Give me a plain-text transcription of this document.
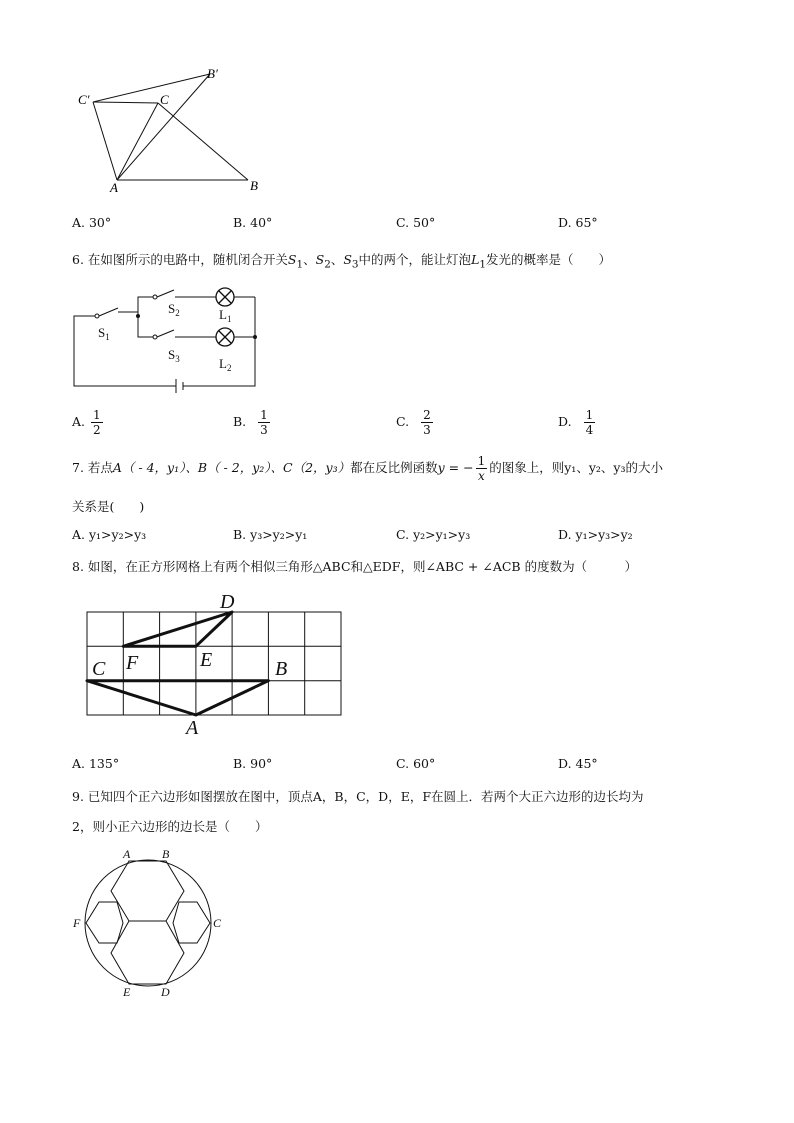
C′	C
B′
A	B
A. 30°	B. 40°	C. 50°	D. 65°
6. 在如图所示的电路中，随机闭合开关$S_1$、$S_2$、$S_3$中的两个，能让灯泡$L_1$发光的概率是（　　）
$S_1$
$S_2$
$S_3$
$L_1$
$L_2$
A. $\frac{1}{2}$	B. $\frac{1}{3}$	C. $\frac{2}{3}$	D. $\frac{1}{4}$
7. 若点A（ - 4，y₁）、B（ - 2，y₂）、C（2，y₃）都在反比例函数y = − $\frac{1}{x}$ 的图象上，则y₁、y₂、y₃的大小
关系是(　　)
A. y₁>y₂>y₃	B. y₃>y₂>y₁	C. y₂>y₁>y₃	D. y₁>y₃>y₂
8. 如图，在正方形网格上有两个相似三角形△ABC和△EDF，则∠ABC + ∠ACB 的度数为（　　　）
D
C F	E	B
A
A. 135°	B. 90°	C. 60°	D. 45°
9. 已知四个正六边形如图摆放在图中，顶点A，B，C，D，E，F在圆上．若两个大正六边形的边长均为
2，则小正六边形的边长是（　　）
A	B
C
F
E	D
